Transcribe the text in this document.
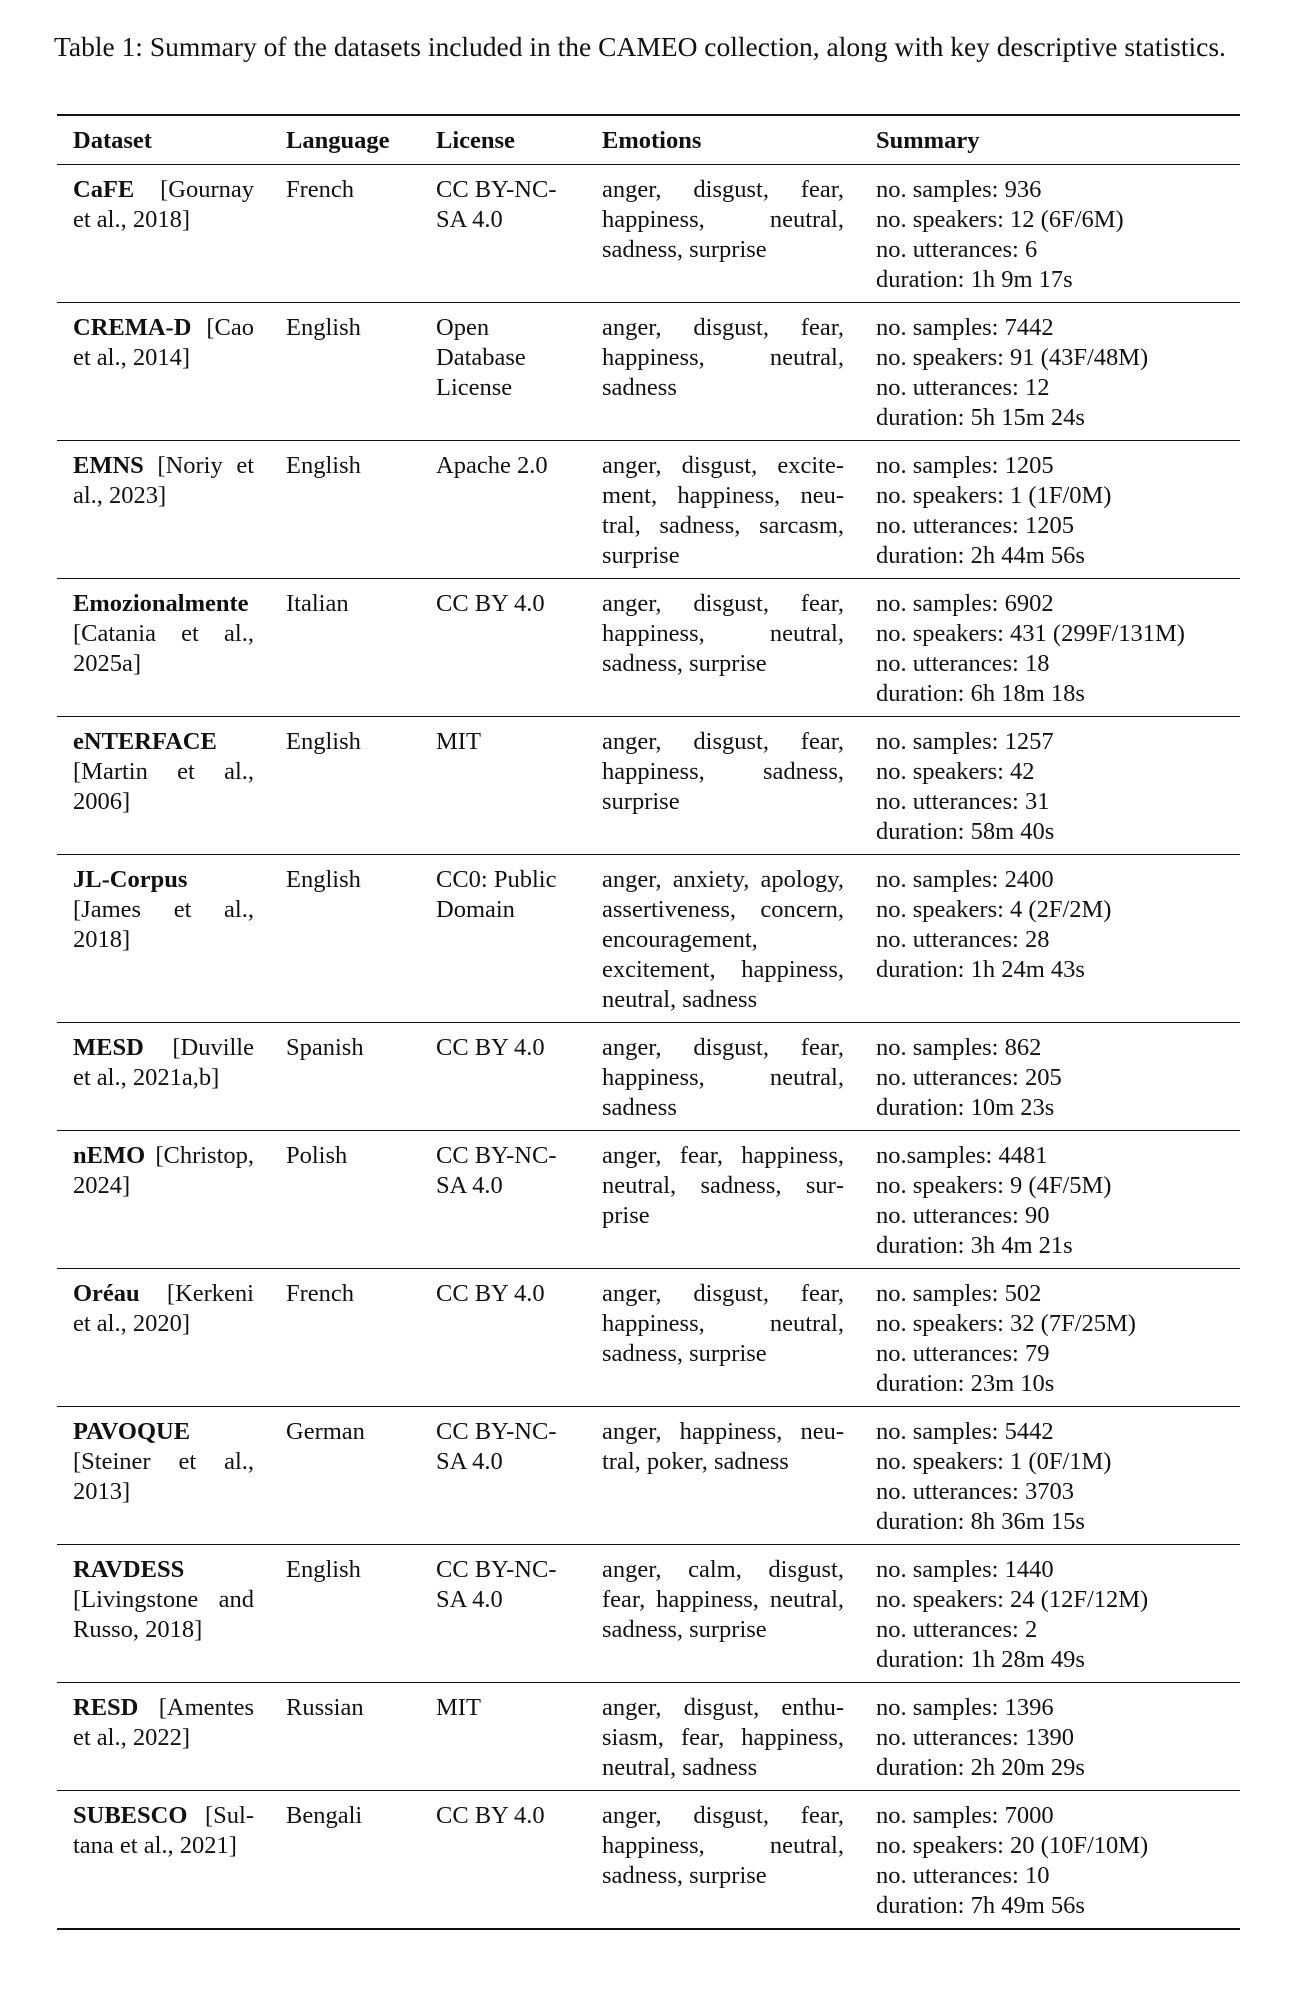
Table 1: Summary of the datasets included in the CAMEO collection, along with key descriptive statistics.
Dataset	Language	License	Emotions	Summary
CaFE [Gournay et al., 2018]	French	CC BY-NC-SA 4.0	anger, disgust, fear, happiness, neutral, sadness, surprise	no. samples: 936
no. speakers: 12 (6F/6M)
no. utterances: 6
duration: 1h 9m 17s

CREMA-D [Cao et al., 2014]	English	Open Database License	anger, disgust, fear, happiness, neutral, sadness	no. samples: 7442
no. speakers: 91 (43F/48M)
no. utterances: 12
duration: 5h 15m 24s

EMNS [Noriy et al., 2023]	English	Apache 2.0	anger, disgust, excitement, happiness, neutral, sadness, sarcasm, surprise	no. samples: 1205
no. speakers: 1 (1F/0M)
no. utterances: 1205
duration: 2h 44m 56s

Emozionalmente [Catania et al., 2025a]	Italian	CC BY 4.0	anger, disgust, fear, happiness, neutral, sadness, surprise	no. samples: 6902
no. speakers: 431 (299F/131M)
no. utterances: 18
duration: 6h 18m 18s

eNTERFACE [Martin et al., 2006]	English	MIT	anger, disgust, fear, happiness, sadness, surprise	no. samples: 1257
no. speakers: 42
no. utterances: 31
duration: 58m 40s

JL-Corpus [James et al., 2018]	English	CC0: Public Domain	anger, anxiety, apology, assertiveness, concern, encouragement, excitement, happiness, neutral, sadness	no. samples: 2400
no. speakers: 4 (2F/2M)
no. utterances: 28
duration: 1h 24m 43s

MESD [Duville et al., 2021a,b]	Spanish	CC BY 4.0	anger, disgust, fear, happiness, neutral, sadness	no. samples: 862
no. utterances: 205
duration: 10m 23s

nEMO [Christop, 2024]	Polish	CC BY-NC-SA 4.0	anger, fear, happiness, neutral, sadness, surprise	no.samples: 4481
no. speakers: 9 (4F/5M)
no. utterances: 90
duration: 3h 4m 21s

Oréau [Kerkeni et al., 2020]	French	CC BY 4.0	anger, disgust, fear, happiness, neutral, sadness, surprise	no. samples: 502
no. speakers: 32 (7F/25M)
no. utterances: 79
duration: 23m 10s

PAVOQUE [Steiner et al., 2013]	German	CC BY-NC-SA 4.0	anger, happiness, neutral, poker, sadness	no. samples: 5442
no. speakers: 1 (0F/1M)
no. utterances: 3703
duration: 8h 36m 15s

RAVDESS [Livingstone and Russo, 2018]	English	CC BY-NC-SA 4.0	anger, calm, disgust, fear, happiness, neutral, sadness, surprise	no. samples: 1440
no. speakers: 24 (12F/12M)
no. utterances: 2
duration: 1h 28m 49s

RESD [Amentes et al., 2022]	Russian	MIT	anger, disgust, enthusiasm, fear, happiness, neutral, sadness	no. samples: 1396
no. utterances: 1390
duration: 2h 20m 29s

SUBESCO [Sultana et al., 2021]	Bengali	CC BY 4.0	anger, disgust, fear, happiness, neutral, sadness, surprise	no. samples: 7000
no. speakers: 20 (10F/10M)
no. utterances: 10
duration: 7h 49m 56s
